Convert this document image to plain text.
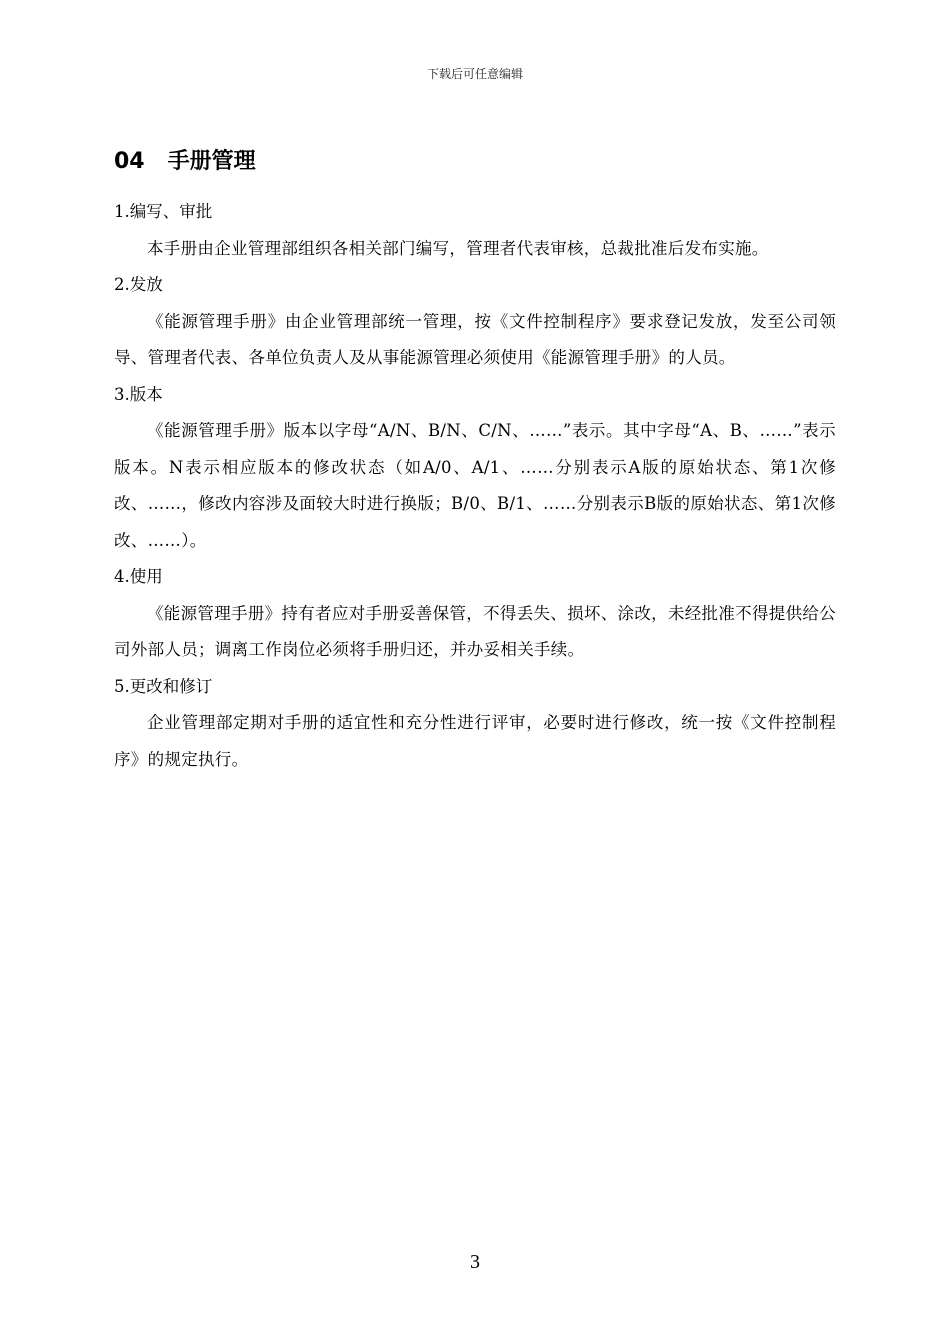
下载后可任意编辑
04   手册管理
1.编写、审批

本手册由企业管理部组织各相关部门编写，管理者代表审核，总裁批准后发布实施。

2.发放

《能源管理手册》由企业管理部统一管理，按《文件控制程序》要求登记发放，发至公司领导、管理者代表、各单位负责人及从事能源管理必须使用《能源管理手册》的人员。

3.版本

《能源管理手册》版本以字母“A/N、B/N、C/N、……”表示。其中字母“A、B、……”表示版本。N表示相应版本的修改状态（如A/0、A/1、……分别表示A版的原始状态、第1次修改、……，修改内容涉及面较大时进行换版；B/0、B/1、……分别表示B版的原始状态、第1次修改、……）。

4.使用

《能源管理手册》持有者应对手册妥善保管，不得丢失、损坏、涂改，未经批准不得提供给公司外部人员；调离工作岗位必须将手册归还，并办妥相关手续。

5.更改和修订

企业管理部定期对手册的适宜性和充分性进行评审，必要时进行修改，统一按《文件控制程序》的规定执行。

3
